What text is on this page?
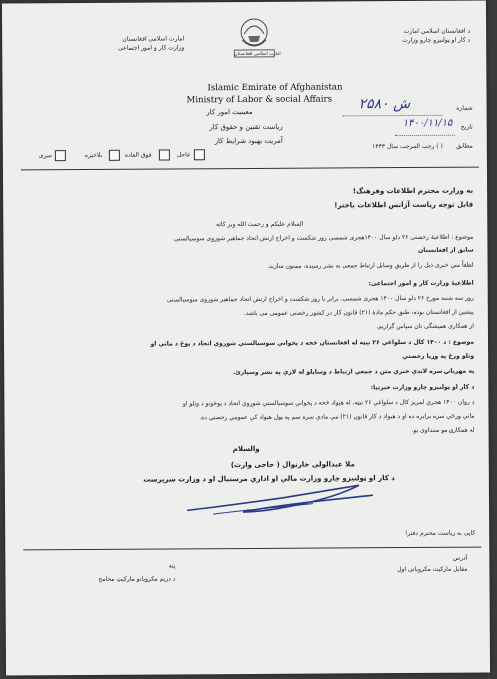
د افغانستان اسلامي امارت
د کار او ټولنیزو چارو وزارت
امارت اسلامی افغانستان
وزارت کار و امور اجتماعی
امارت اسلامی افغانستان
Islamic Emirate of Afghanistan
Ministry of Labor & social Affairs
معینیت امور کار
ریاست تقنین و حقوق کار
آمریت بهبود شرایط کار
شماره
۲۵۸۰ ش
تاریخ
۱۴۰۰/۱۱/۱۵
مطابق
( ) رجب المرجب سال ۱۴۴۳
سری	بلاخیره	فوق العاده	عاجل
به وزارت محترم اطلاعات وفرهنگ!
قابل توجه ریاست آژانس اطلاعات باختر!
السلام علیکم و رحمت الله وبر کاته
موضوع : اطلاعیهٔ رخصتی ۲۶ دلو سال ۱۴۰۰هجری شمسی روز شکست و اخراج ارتش اتحاد جماهیر شوروی سوسیالستی
سابق از افغانستان
لطفاً متن خبری ذیل را از طریق وسایل ارتباط جمعی به نشر رسیده، ممنون سازید.
اطلاعیهٔ وزارت کار و امور اجتماعی:
روز سه شنبه مورخ ۲۶ دلو سال ۱۴۰۰ هجری شمسی، برابر با روز شکست و اخراج ارتش اتحاد جماهیر شوروی سوسیالستی
پیشین از افغانستان بوده، طبق حکم مادهٔ (۲۱) قانون کار در کشور رخصتی عمومی می باشد.
از همکاری همیشگی تان سپاس گزاریم.
موضوع : د ۱۴۰۰ کال د سلواغې ۲۶ نیټه له افغانستان څخه د پخواني سوسیالستي شوروي اتحاد د پوځ د ماتې او
وتلو ورځ په وړیا رخصتي
په مهربانۍ سره لاندې خبري متن د جمعي ارتباط د وسایلو له لارې په نشر وسپارئ.
د کار او ټولنیزو چارو وزارت خبرتیا:
د روان ۱۴۰۰ هجري لمریز کال د سلواغې ۲۶ نیټه، له هیواد څخه د پخواني سوسیالستي شوروي اتحاد د پوځونو د وتلو او
ماتې ورځې سره برابره ده او د هیواد د کار قانون (۲۱) مې مادې سره سم په ټول هیواد کې عمومي رخصتي ده.
له همکارۍ مو مننداوی یو.
والسلام
ملا عبدالولی خارنوال ( حاجی وارث)
د کار او ټولنیزو چارو وزارت مالي او اداري مرستیال او د وزارت سرپرست
کاپی به ریاست محترم دفتر!
آدرس
مقابل مارکیت مکرویانی اول
پته
د دریم مکرویانو مارکیټ مخامخ
